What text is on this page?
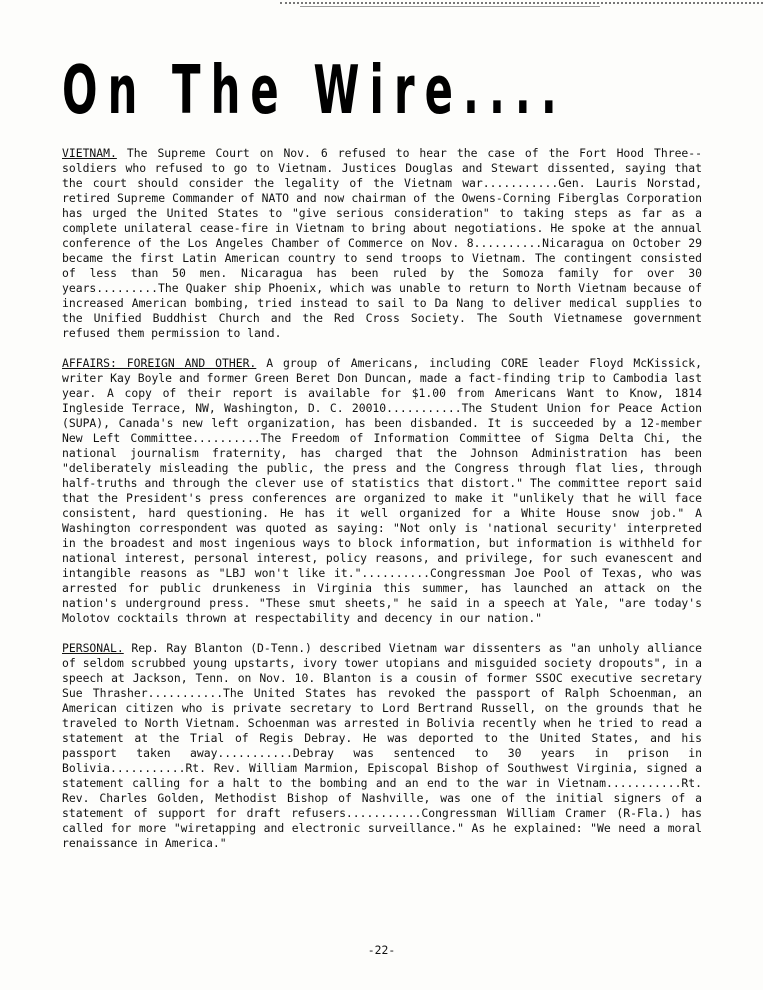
On The Wire....

VIETNAM. The Supreme Court on Nov. 6 refused to hear the case of the Fort Hood Three--soldiers who refused to go to Vietnam. Justices Douglas and Stewart dissented, saying that the court should consider the legality of the Vietnam war...........Gen. Lauris Norstad, retired Supreme Commander of NATO and now chairman of the Owens-Corning Fiberglas Corporation has urged the United States to "give serious consideration" to taking steps as far as a complete unilateral cease-fire in Vietnam to bring about negotiations. He spoke at the annual conference of the Los Angeles Chamber of Commerce on Nov. 8..........Nicaragua on October 29 became the first Latin American country to send troops to Vietnam. The contingent consisted of less than 50 men. Nicaragua has been ruled by the Somoza family for over 30 years.........The Quaker ship Phoenix, which was unable to return to North Vietnam because of increased American bombing, tried instead to sail to Da Nang to deliver medical supplies to the Unified Buddhist Church and the Red Cross Society. The South Vietnamese government refused them permission to land.

AFFAIRS: FOREIGN AND OTHER. A group of Americans, including CORE leader Floyd McKissick, writer Kay Boyle and former Green Beret Don Duncan, made a fact-finding trip to Cambodia last year. A copy of their report is available for $1.00 from Americans Want to Know, 1814 Ingleside Terrace, NW, Washington, D. C. 20010...........The Student Union for Peace Action (SUPA), Canada's new left organization, has been disbanded. It is succeeded by a 12-member New Left Committee..........The Freedom of Information Committee of Sigma Delta Chi, the national journalism fraternity, has charged that the Johnson Administration has been "deliberately misleading the public, the press and the Congress through flat lies, through half-truths and through the clever use of statistics that distort." The committee report said that the President's press conferences are organized to make it "unlikely that he will face consistent, hard questioning. He has it well organized for a White House snow job." A Washington correspondent was quoted as saying: "Not only is 'national security' interpreted in the broadest and most ingenious ways to block information, but information is withheld for national interest, personal interest, policy reasons, and privilege, for such evanescent and intangible reasons as "LBJ won't like it."..........Congressman Joe Pool of Texas, who was arrested for public drunkeness in Virginia this summer, has launched an attack on the nation's underground press. "These smut sheets," he said in a speech at Yale, "are today's Molotov cocktails thrown at respectability and decency in our nation."

PERSONAL. Rep. Ray Blanton (D-Tenn.) described Vietnam war dissenters as "an unholy alliance of seldom scrubbed young upstarts, ivory tower utopians and misguided society dropouts", in a speech at Jackson, Tenn. on Nov. 10. Blanton is a cousin of former SSOC executive secretary Sue Thrasher...........The United States has revoked the passport of Ralph Schoenman, an American citizen who is private secretary to Lord Bertrand Russell, on the grounds that he traveled to North Vietnam. Schoenman was arrested in Bolivia recently when he tried to read a statement at the Trial of Regis Debray. He was deported to the United States, and his passport taken away...........Debray was sentenced to 30 years in prison in Bolivia...........Rt. Rev. William Marmion, Episcopal Bishop of Southwest Virginia, signed a statement calling for a halt to the bombing and an end to the war in Vietnam...........Rt. Rev. Charles Golden, Methodist Bishop of Nashville, was one of the initial signers of a statement of support for draft refusers...........Congressman William Cramer (R-Fla.) has called for more "wiretapping and electronic surveillance." As he explained: "We need a moral renaissance in America."

-22-
